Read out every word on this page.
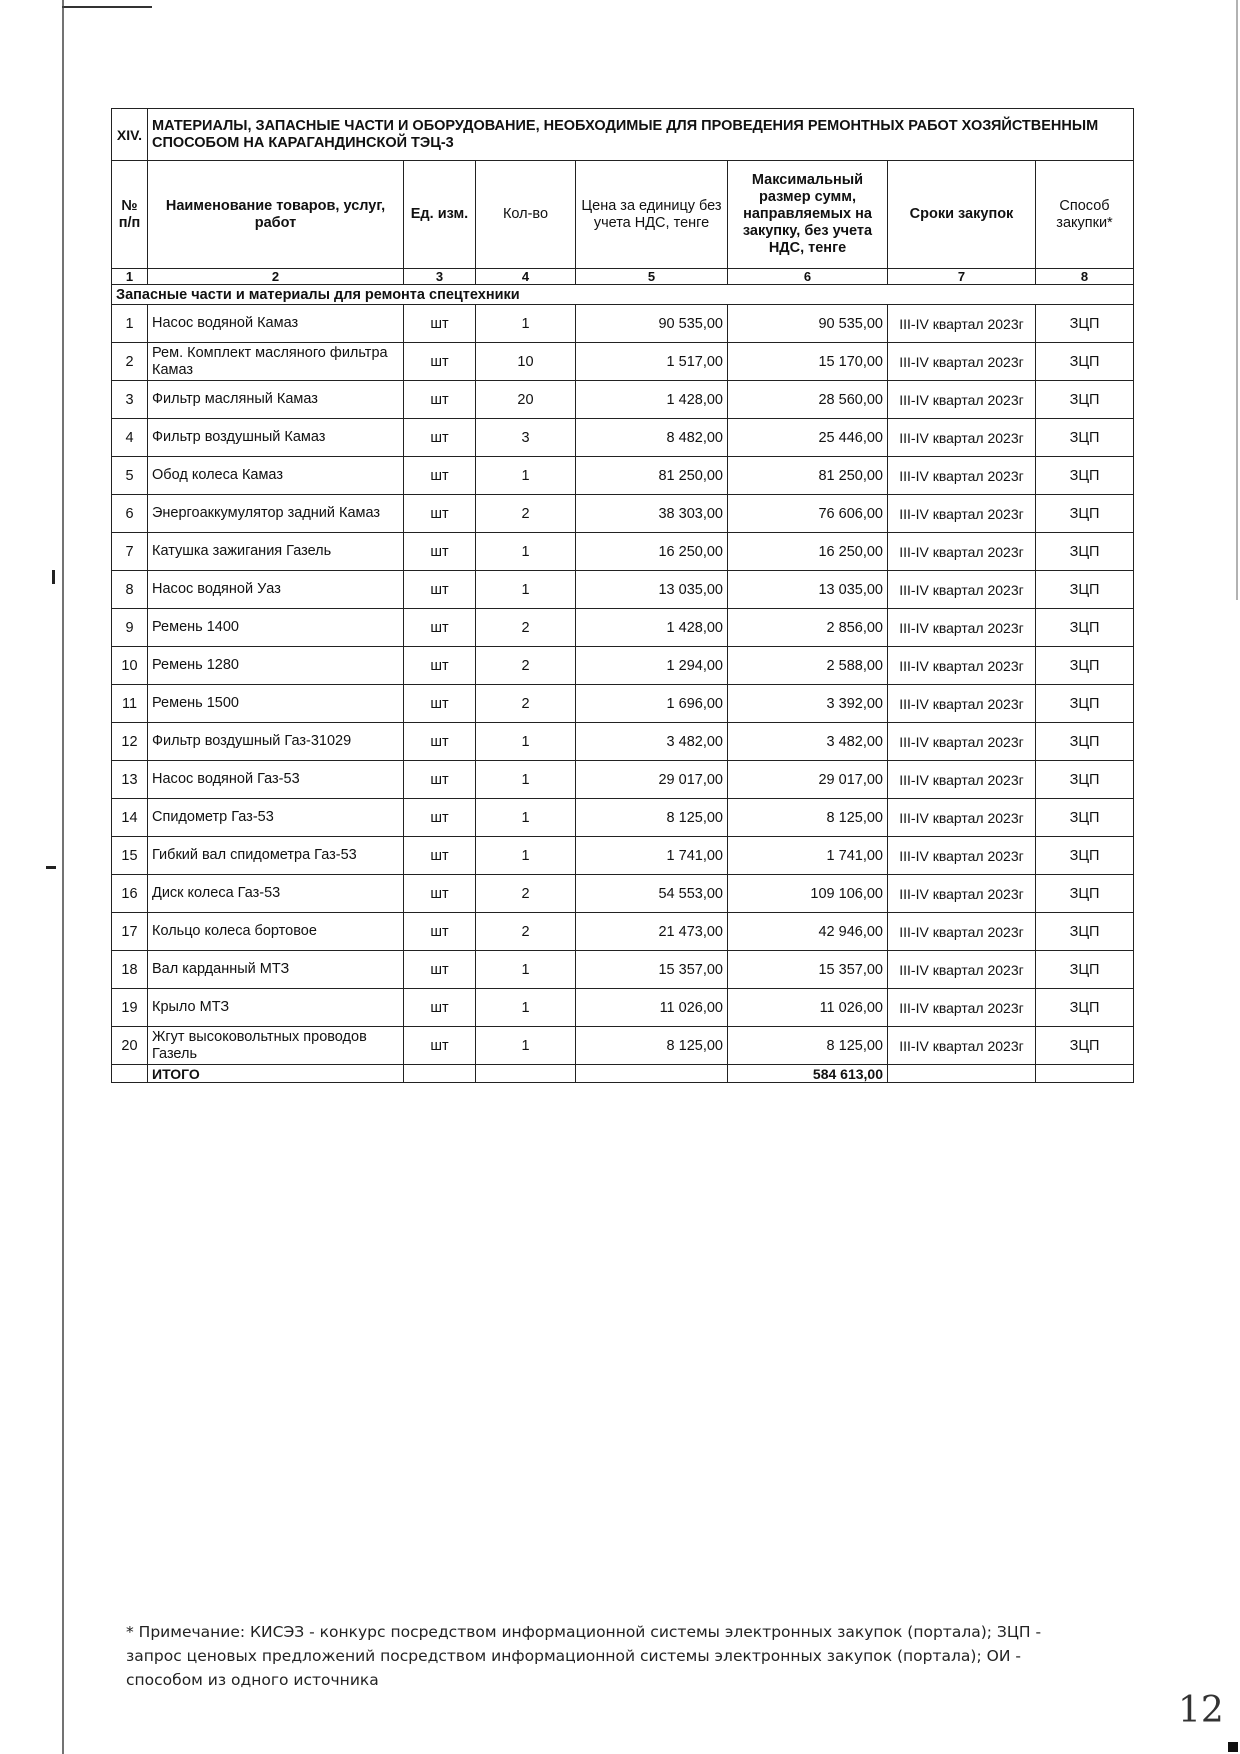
XIV.	МАТЕРИАЛЫ, ЗАПАСНЫЕ ЧАСТИ И ОБОРУДОВАНИЕ, НЕОБХОДИМЫЕ ДЛЯ ПРОВЕДЕНИЯ РЕМОНТНЫХ РАБОТ ХОЗЯЙСТВЕННЫМ СПОСОБОМ НА КАРАГАНДИНСКОЙ ТЭЦ-3						
№ п/п	Наименование товаров, услуг, работ	Ед. изм.	Кол-во	Цена за единицу без учета НДС, тенге	Максимальный размер сумм, направляемых на закупку, без учета НДС, тенге	Сроки закупок	Способ закупки*
1	2	3	4	5	6	7	8
Запасные части и материалы для ремонта спецтехники							
1	Насос водяной Камаз	шт	1	90 535,00	90 535,00	III-IV квартал 2023г	ЗЦП
2	Рем. Комплект масляного фильтра Камаз	шт	10	1 517,00	15 170,00	III-IV квартал 2023г	ЗЦП
3	Фильтр масляный Камаз	шт	20	1 428,00	28 560,00	III-IV квартал 2023г	ЗЦП
4	Фильтр воздушный Камаз	шт	3	8 482,00	25 446,00	III-IV квартал 2023г	ЗЦП
5	Обод колеса Камаз	шт	1	81 250,00	81 250,00	III-IV квартал 2023г	ЗЦП
6	Энергоаккумулятор задний Камаз	шт	2	38 303,00	76 606,00	III-IV квартал 2023г	ЗЦП
7	Катушка зажигания Газель	шт	1	16 250,00	16 250,00	III-IV квартал 2023г	ЗЦП
8	Насос водяной Уаз	шт	1	13 035,00	13 035,00	III-IV квартал 2023г	ЗЦП
9	Ремень 1400	шт	2	1 428,00	2 856,00	III-IV квартал 2023г	ЗЦП
10	Ремень 1280	шт	2	1 294,00	2 588,00	III-IV квартал 2023г	ЗЦП
11	Ремень 1500	шт	2	1 696,00	3 392,00	III-IV квартал 2023г	ЗЦП
12	Фильтр воздушный Газ-31029	шт	1	3 482,00	3 482,00	III-IV квартал 2023г	ЗЦП
13	Насос водяной Газ-53	шт	1	29 017,00	29 017,00	III-IV квартал 2023г	ЗЦП
14	Спидометр Газ-53	шт	1	8 125,00	8 125,00	III-IV квартал 2023г	ЗЦП
15	Гибкий вал спидометра Газ-53	шт	1	1 741,00	1 741,00	III-IV квартал 2023г	ЗЦП
16	Диск колеса Газ-53	шт	2	54 553,00	109 106,00	III-IV квартал 2023г	ЗЦП
17	Кольцо колеса бортовое	шт	2	21 473,00	42 946,00	III-IV квартал 2023г	ЗЦП
18	Вал карданный МТЗ	шт	1	15 357,00	15 357,00	III-IV квартал 2023г	ЗЦП
19	Крыло МТЗ	шт	1	11 026,00	11 026,00	III-IV квартал 2023г	ЗЦП
20	Жгут высоковольтных проводов Газель	шт	1	8 125,00	8 125,00	III-IV квартал 2023г	ЗЦП
	ИТОГО				584 613,00		
* Примечание: КИСЭЗ - конкурс посредством информационной системы электронных закупок (портала); ЗЦП - запрос ценовых предложений посредством информационной системы электронных закупок (портала); ОИ - способом из одного источника
12
